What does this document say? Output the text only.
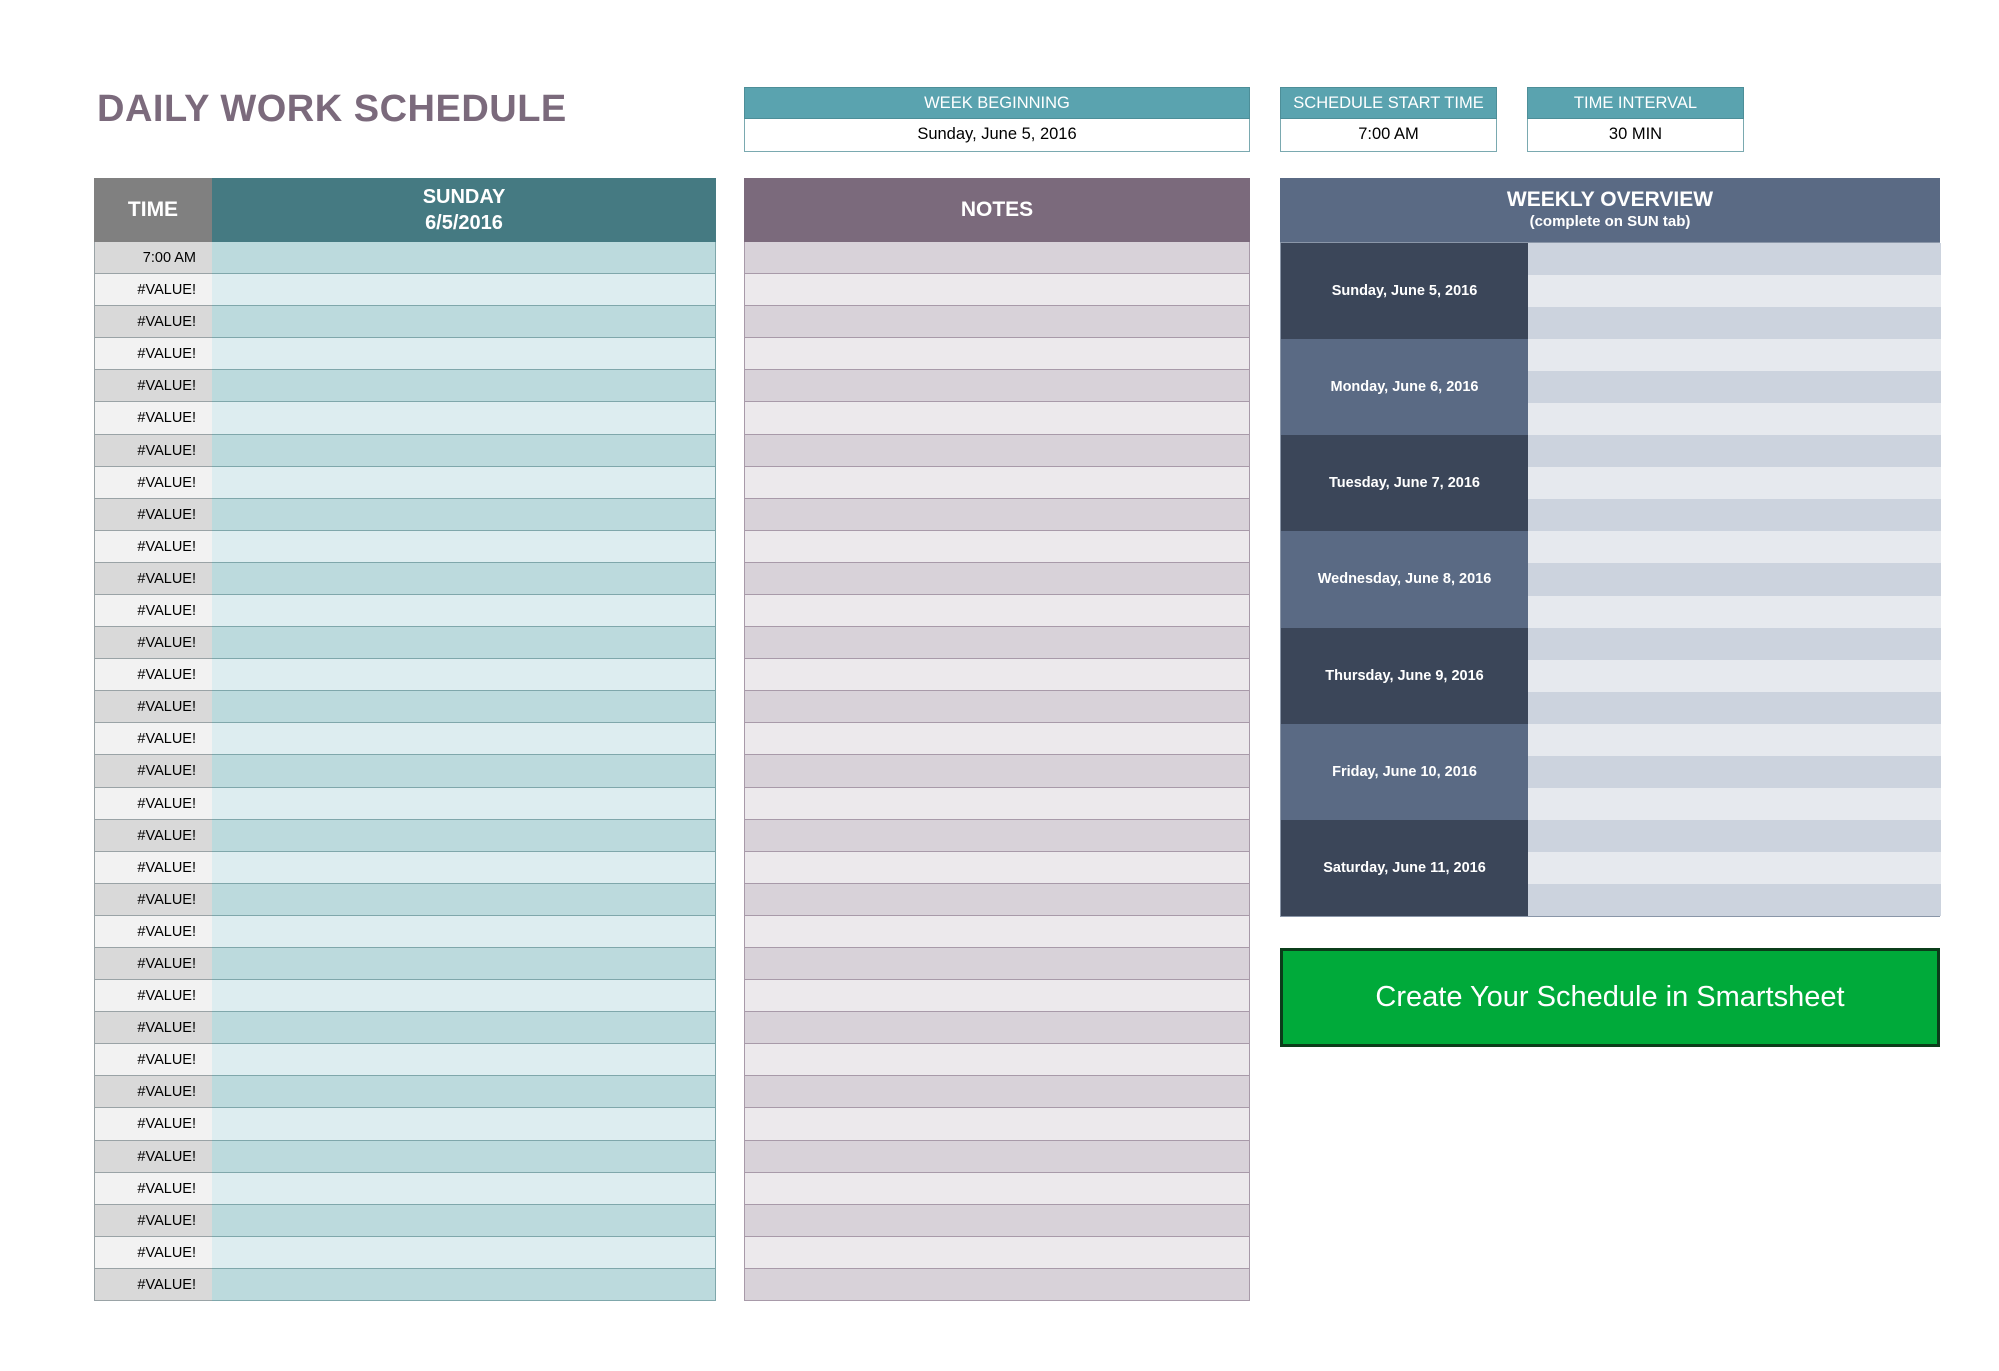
DAILY WORK SCHEDULE	WEEK BEGINNING
Sunday, June 5, 2016
SCHEDULE START TIME
7:00 AM
TIME INTERVAL
30 MIN
TIME
SUNDAY
6/5/2016
NOTES	WEEKLY OVERVIEW
(complete on SUN tab)
7:00 AM
#VALUE!
#VALUE!
#VALUE!
#VALUE!
#VALUE!
#VALUE!
#VALUE!
#VALUE!
#VALUE!
#VALUE!
#VALUE!
#VALUE!
#VALUE!
#VALUE!
#VALUE!
#VALUE!
#VALUE!
#VALUE!
#VALUE!
#VALUE!
#VALUE!
#VALUE!
#VALUE!
#VALUE!
#VALUE!
#VALUE!
#VALUE!
#VALUE!
#VALUE!
#VALUE!
#VALUE!
#VALUE!
Sunday, June 5, 2016
Monday, June 6, 2016
Tuesday, June 7, 2016
Wednesday, June 8, 2016
Thursday, June 9, 2016
Friday, June 10, 2016
Saturday, June 11, 2016
Create Your Schedule in Smartsheet
